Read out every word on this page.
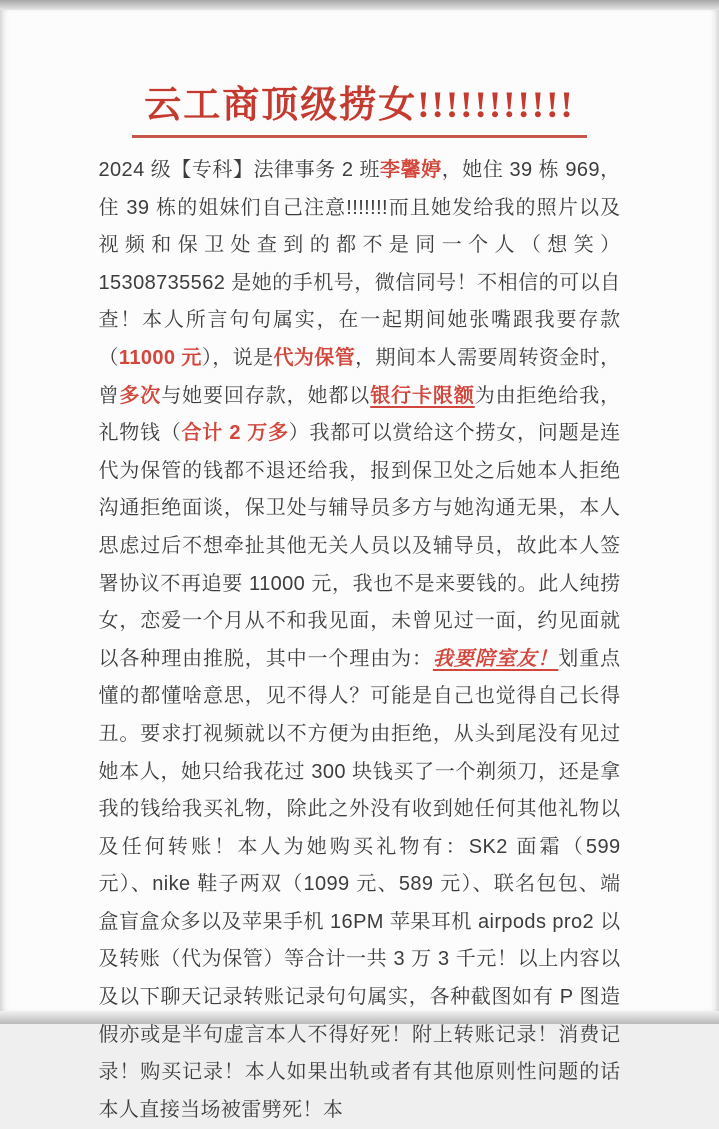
云工商顶级捞女!!!!!!!!!!!

2024 级【专科】法律事务 2 班李馨婷，她住 39 栋 969，住 39 栋的姐妹们自己注意!!!!!!!而且她发给我的照片以及视频和保卫处查到的都不是同一个人（想笑）15308735562 是她的手机号，微信同号！不相信的可以自查！本人所言句句属实，在一起期间她张嘴跟我要存款（11000 元），说是代为保管，期间本人需要周转资金时，曾多次与她要回存款，她都以银行卡限额为由拒绝给我，礼物钱（合计 2 万多）我都可以赏给这个捞女，问题是连代为保管的钱都不退还给我，报到保卫处之后她本人拒绝沟通拒绝面谈，保卫处与辅导员多方与她沟通无果，本人思虑过后不想牵扯其他无关人员以及辅导员，故此本人签署协议不再追要 11000 元，我也不是来要钱的。此人纯捞女，恋爱一个月从不和我见面，未曾见过一面，约见面就以各种理由推脱，其中一个理由为：我要陪室友！划重点懂的都懂啥意思，见不得人？可能是自己也觉得自己长得丑。要求打视频就以不方便为由拒绝，从头到尾没有见过她本人，她只给我花过 300 块钱买了一个剃须刀，还是拿我的钱给我买礼物，除此之外没有收到她任何其他礼物以及任何转账！本人为她购买礼物有：SK2 面霜（599 元）、nike 鞋子两双（1099 元、589 元）、联名包包、端盒盲盒众多以及苹果手机 16PM 苹果耳机 airpods pro2 以及转账（代为保管）等合计一共 3 万 3 千元！以上内容以及以下聊天记录转账记录句句属实，各种截图如有 P 图造假亦或是半句虚言本人不得好死！附上转账记录！消费记录！购买记录！本人如果出轨或者有其他原则性问题的话本人直接当场被雷劈死！本
